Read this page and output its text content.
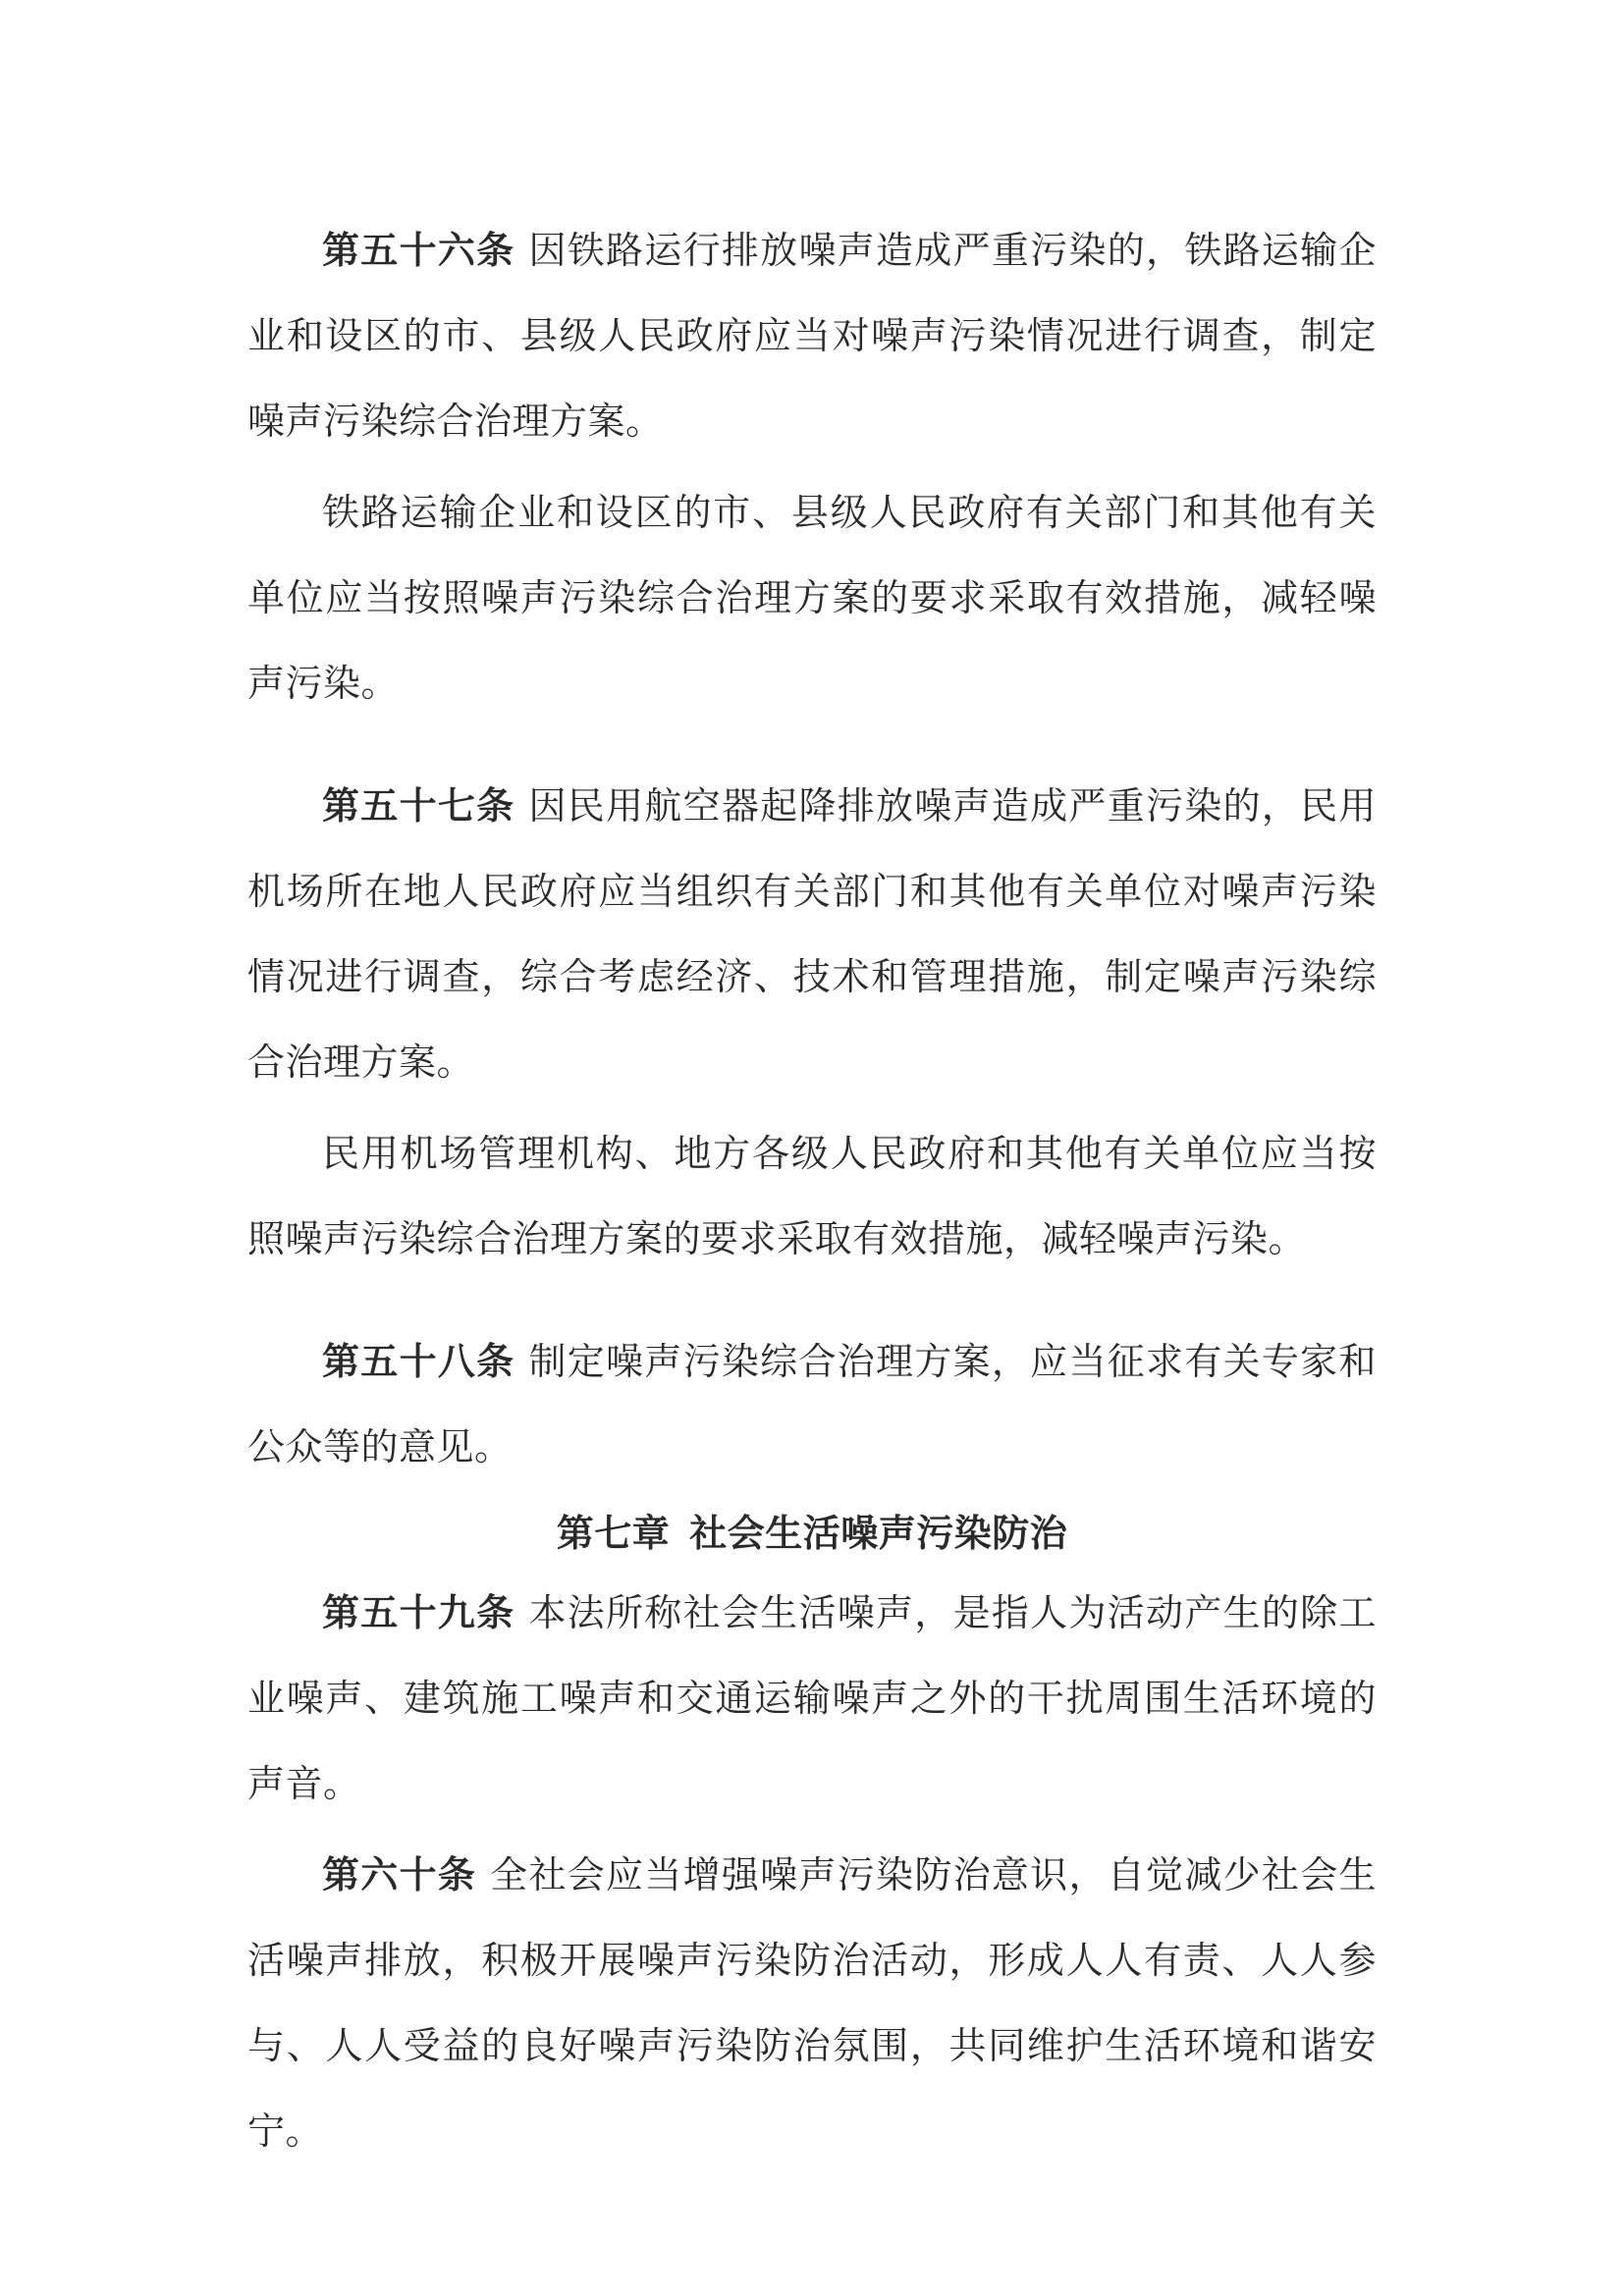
第五十六条 因铁路运行排放噪声造成严重污染的，铁路运输企业和设区的市、县级人民政府应当对噪声污染情况进行调查，制定噪声污染综合治理方案。

铁路运输企业和设区的市、县级人民政府有关部门和其他有关单位应当按照噪声污染综合治理方案的要求采取有效措施，减轻噪声污染。

第五十七条 因民用航空器起降排放噪声造成严重污染的，民用机场所在地人民政府应当组织有关部门和其他有关单位对噪声污染情况进行调查，综合考虑经济、技术和管理措施，制定噪声污染综合治理方案。

民用机场管理机构、地方各级人民政府和其他有关单位应当按照噪声污染综合治理方案的要求采取有效措施，减轻噪声污染。

第五十八条 制定噪声污染综合治理方案，应当征求有关专家和公众等的意见。

第七章 社会生活噪声污染防治

第五十九条 本法所称社会生活噪声，是指人为活动产生的除工业噪声、建筑施工噪声和交通运输噪声之外的干扰周围生活环境的声音。

第六十条 全社会应当增强噪声污染防治意识，自觉减少社会生活噪声排放，积极开展噪声污染防治活动，形成人人有责、人人参与、人人受益的良好噪声污染防治氛围，共同维护生活环境和谐安宁。
